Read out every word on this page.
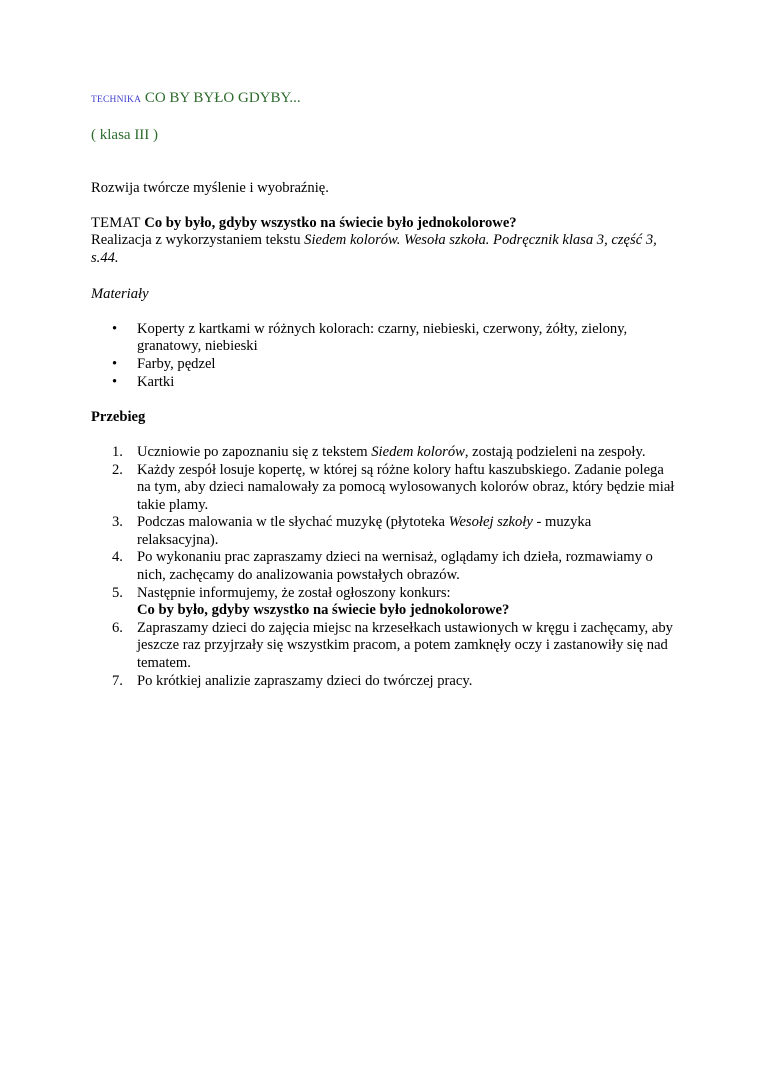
TECHNIKA CO BY BYŁO GDYBY...

( klasa III )

Rozwija twórcze myślenie i wyobraźnię.

TEMAT Co by było, gdyby wszystko na świecie było jednokolorowe?

Realizacja z wykorzystaniem tekstu Siedem kolorów. Wesoła szkoła. Podręcznik klasa 3, część 3, s.44.

Materiały

• Koperty z kartkami w różnych kolorach: czarny, niebieski, czerwony, żółty, zielony, granatowy, niebieski
• Farby, pędzel
• Kartki

Przebieg

1. Uczniowie po zapoznaniu się z tekstem Siedem kolorów, zostają podzieleni na zespoły.
2. Każdy zespół losuje kopertę, w której są różne kolory haftu kaszubskiego. Zadanie polega na tym, aby dzieci namalowały za pomocą wylosowanych kolorów obraz, który będzie miał takie plamy.
3. Podczas malowania w tle słychać muzykę (płytoteka Wesołej szkoły - muzyka relaksacyjna).
4. Po wykonaniu prac zapraszamy dzieci na wernisaż, oglądamy ich dzieła, rozmawiamy o nich, zachęcamy do analizowania powstałych obrazów.
5. Następnie informujemy, że został ogłoszony konkurs:
Co by było, gdyby wszystko na świecie było jednokolorowe?
6. Zapraszamy dzieci do zajęcia miejsc na krzesełkach ustawionych w kręgu i zachęcamy, aby jeszcze raz przyjrzały się wszystkim pracom, a potem zamknęły oczy i zastanowiły się nad tematem.
7. Po krótkiej analizie zapraszamy dzieci do twórczej pracy.
